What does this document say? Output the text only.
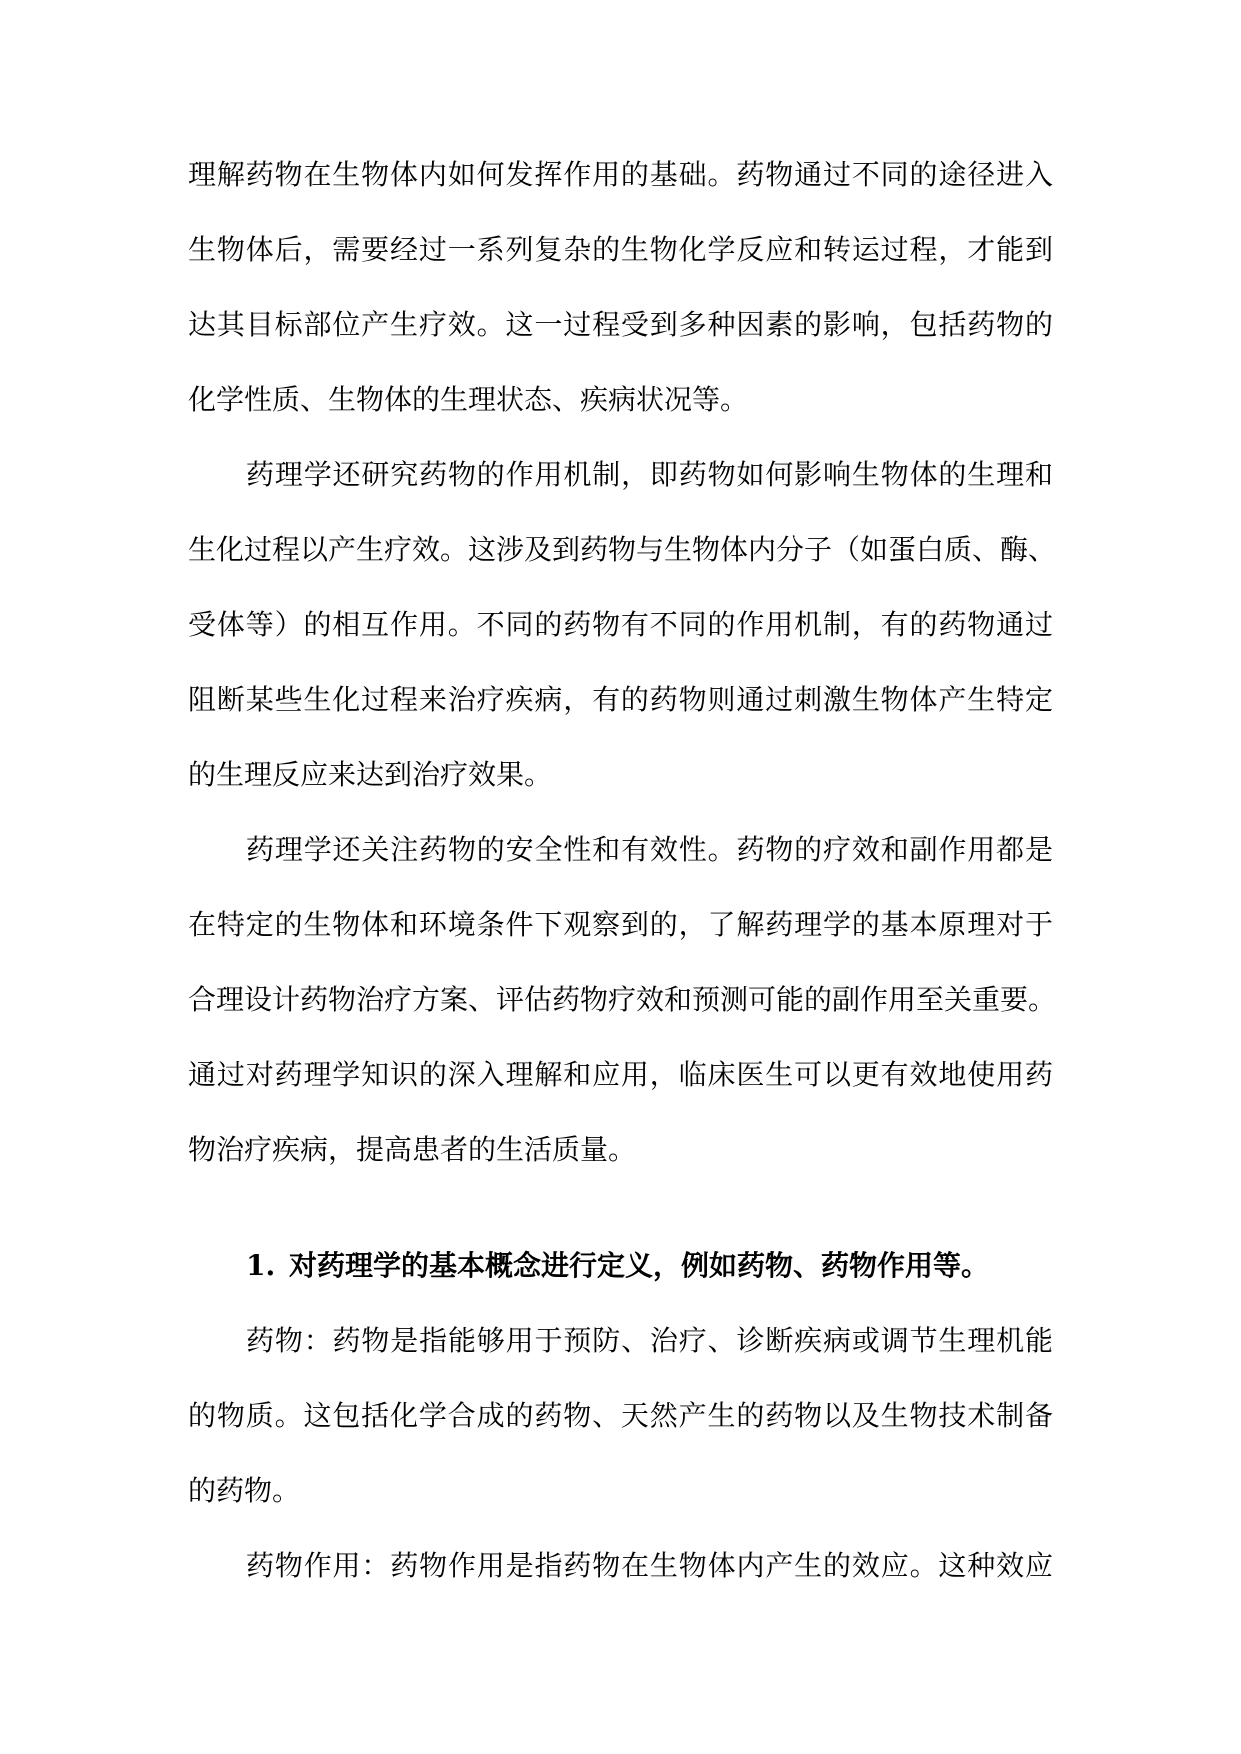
理解药物在生物体内如何发挥作用的基础。药物通过不同的途径进入
生物体后，需要经过一系列复杂的生物化学反应和转运过程，才能到
达其目标部位产生疗效。这一过程受到多种因素的影响，包括药物的
化学性质、生物体的生理状态、疾病状况等。
药理学还研究药物的作用机制，即药物如何影响生物体的生理和
生化过程以产生疗效。这涉及到药物与生物体内分子（如蛋白质、酶、
受体等）的相互作用。不同的药物有不同的作用机制，有的药物通过
阻断某些生化过程来治疗疾病，有的药物则通过刺激生物体产生特定
的生理反应来达到治疗效果。
药理学还关注药物的安全性和有效性。药物的疗效和副作用都是
在特定的生物体和环境条件下观察到的，了解药理学的基本原理对于
合理设计药物治疗方案、评估药物疗效和预测可能的副作用至关重要。
通过对药理学知识的深入理解和应用，临床医生可以更有效地使用药
物治疗疾病，提高患者的生活质量。
1. 对药理学的基本概念进行定义，例如药物、药物作用等。
药物：药物是指能够用于预防、治疗、诊断疾病或调节生理机能
的物质。这包括化学合成的药物、天然产生的药物以及生物技术制备
的药物。
药物作用：药物作用是指药物在生物体内产生的效应。这种效应
